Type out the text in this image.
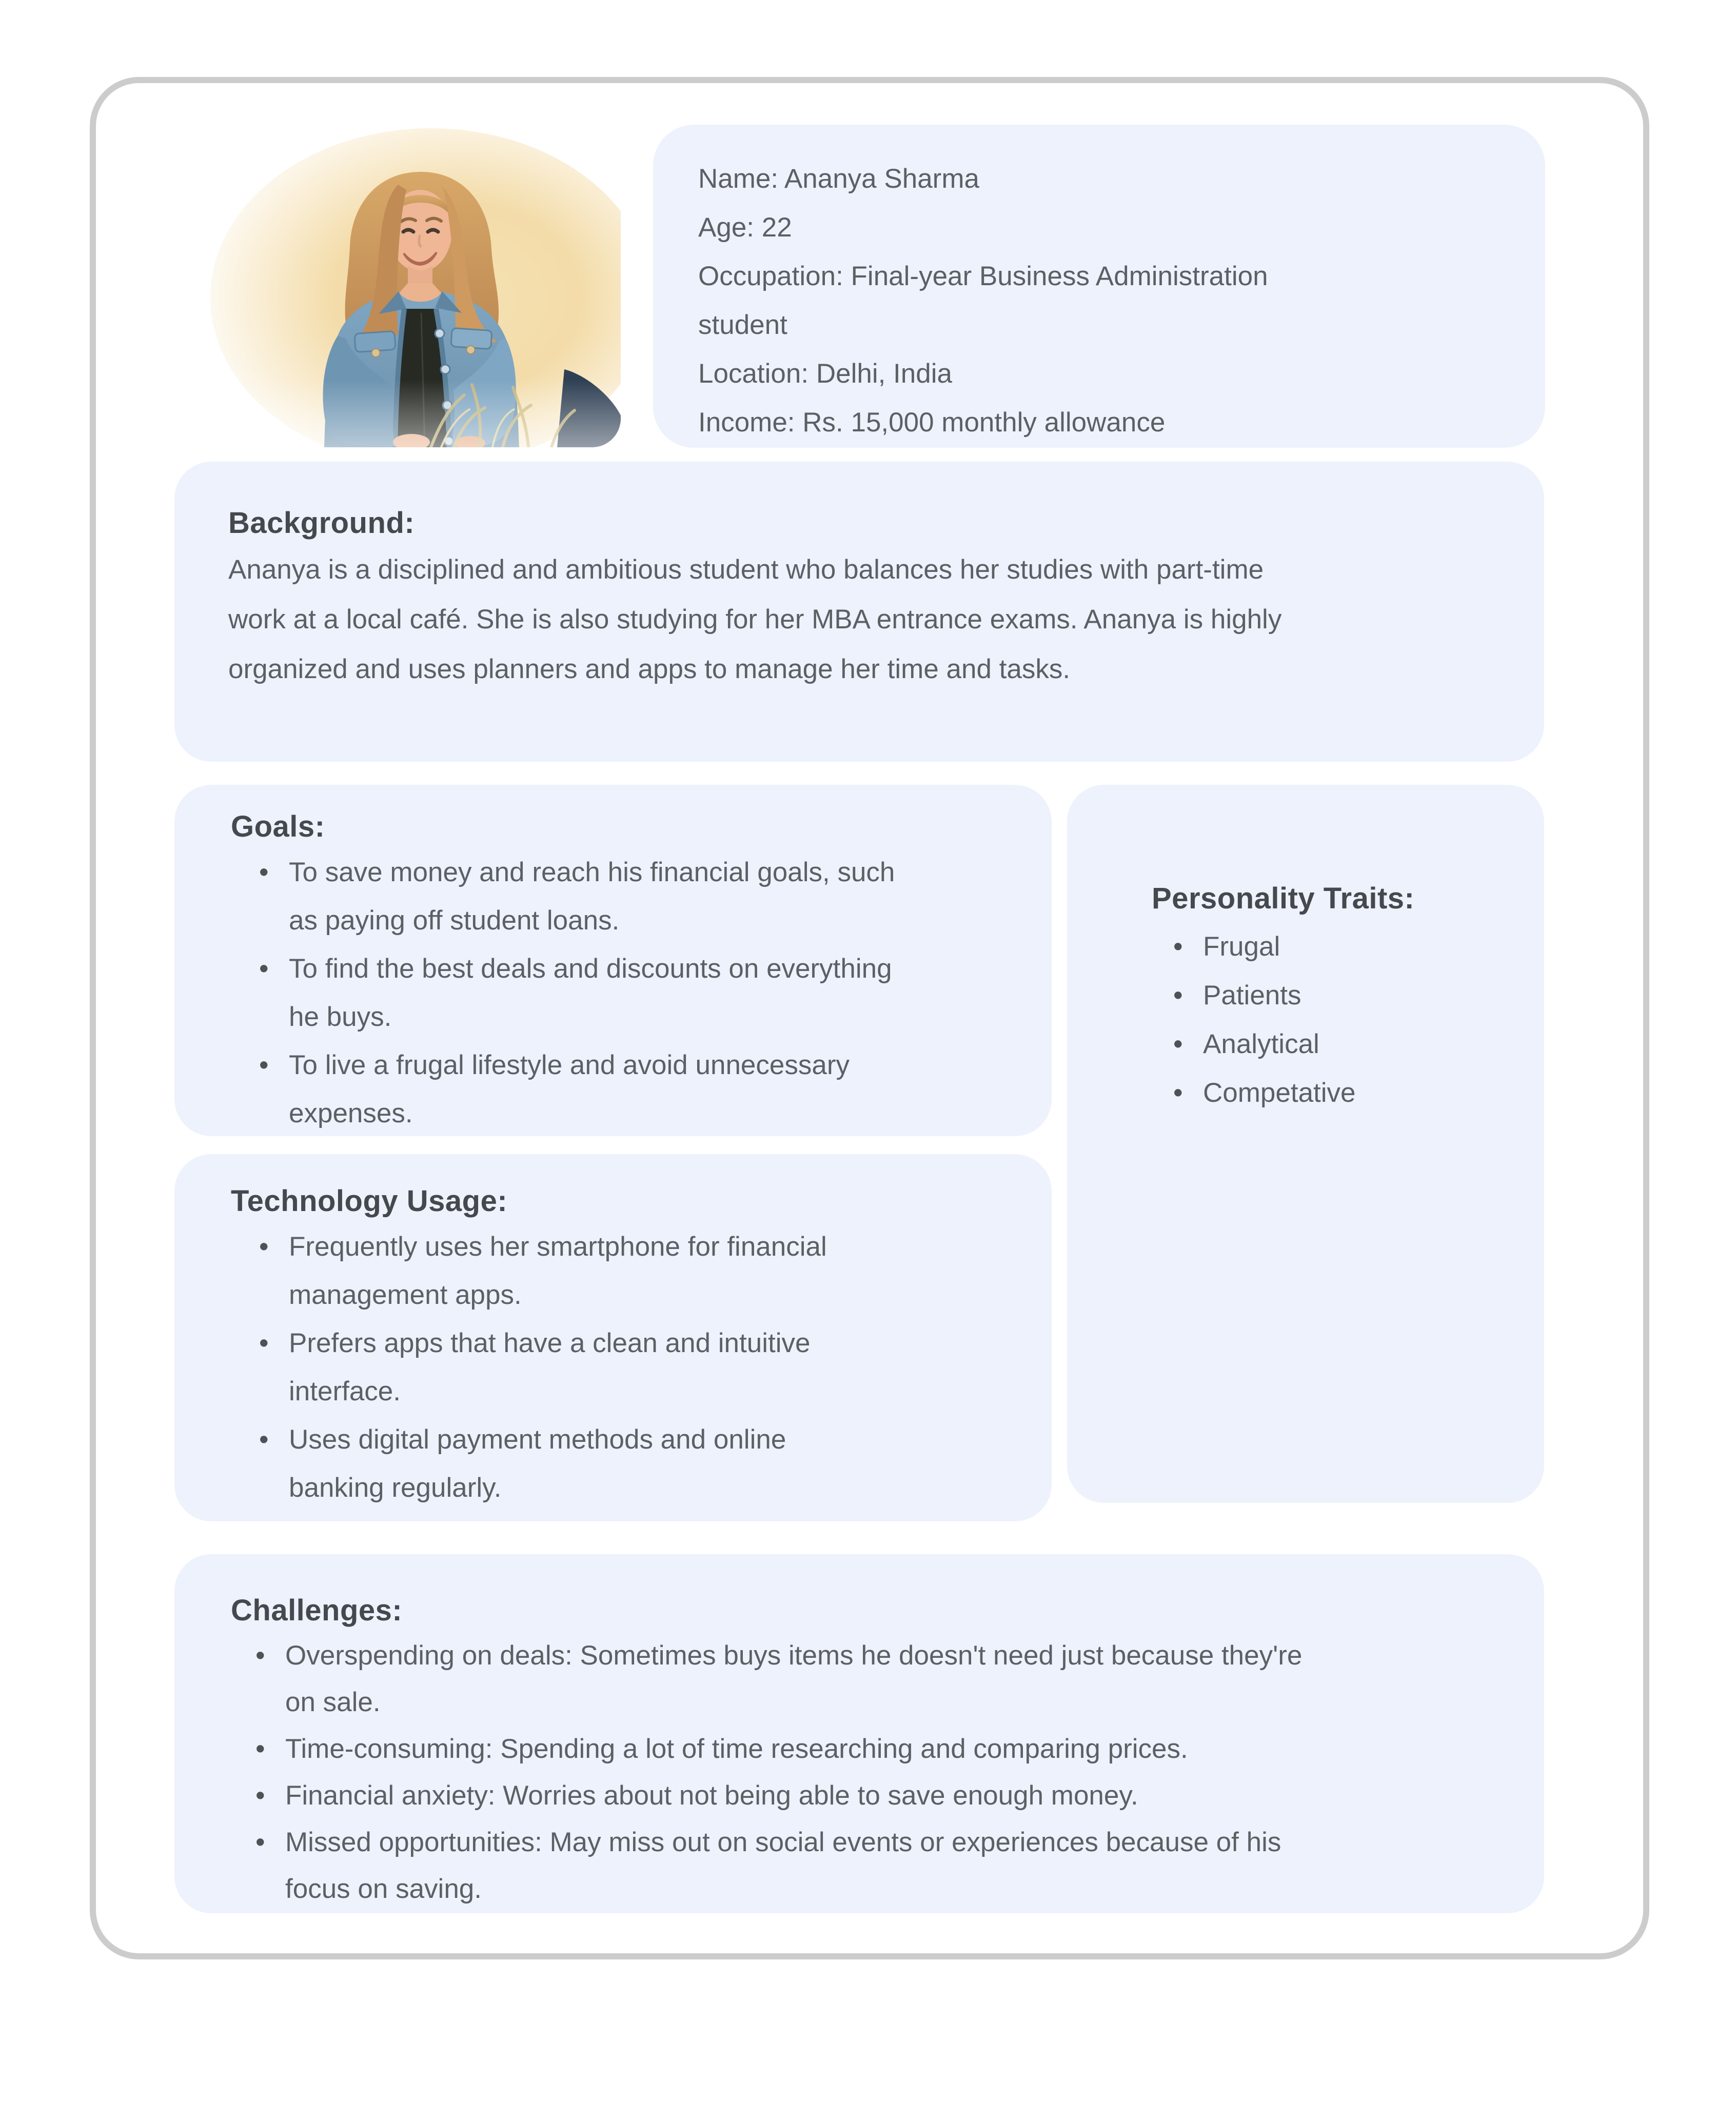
Name: Ananya Sharma
Age: 22
Occupation: Final-year Business Administration student
Location: Delhi, India
Income: Rs. 15,000 monthly allowance
Background:
Ananya is a disciplined and ambitious student who balances her studies with part-time work at a local café. She is also studying for her MBA entrance exams. Ananya is highly organized and uses planners and apps to manage her time and tasks.
Goals:
• To save money and reach his financial goals, such as paying off student loans.
• To find the best deals and discounts on everything he buys.
• To live a frugal lifestyle and avoid unnecessary expenses.
Personality Traits:
• Frugal
• Patients
• Analytical
• Competative
Technology Usage:
• Frequently uses her smartphone for financial management apps.
• Prefers apps that have a clean and intuitive interface.
• Uses digital payment methods and online banking regularly.
Challenges:
• Overspending on deals: Sometimes buys items he doesn't need just because they're on sale.
• Time-consuming: Spending a lot of time researching and comparing prices.
• Financial anxiety: Worries about not being able to save enough money.
• Missed opportunities: May miss out on social events or experiences because of his focus on saving.
